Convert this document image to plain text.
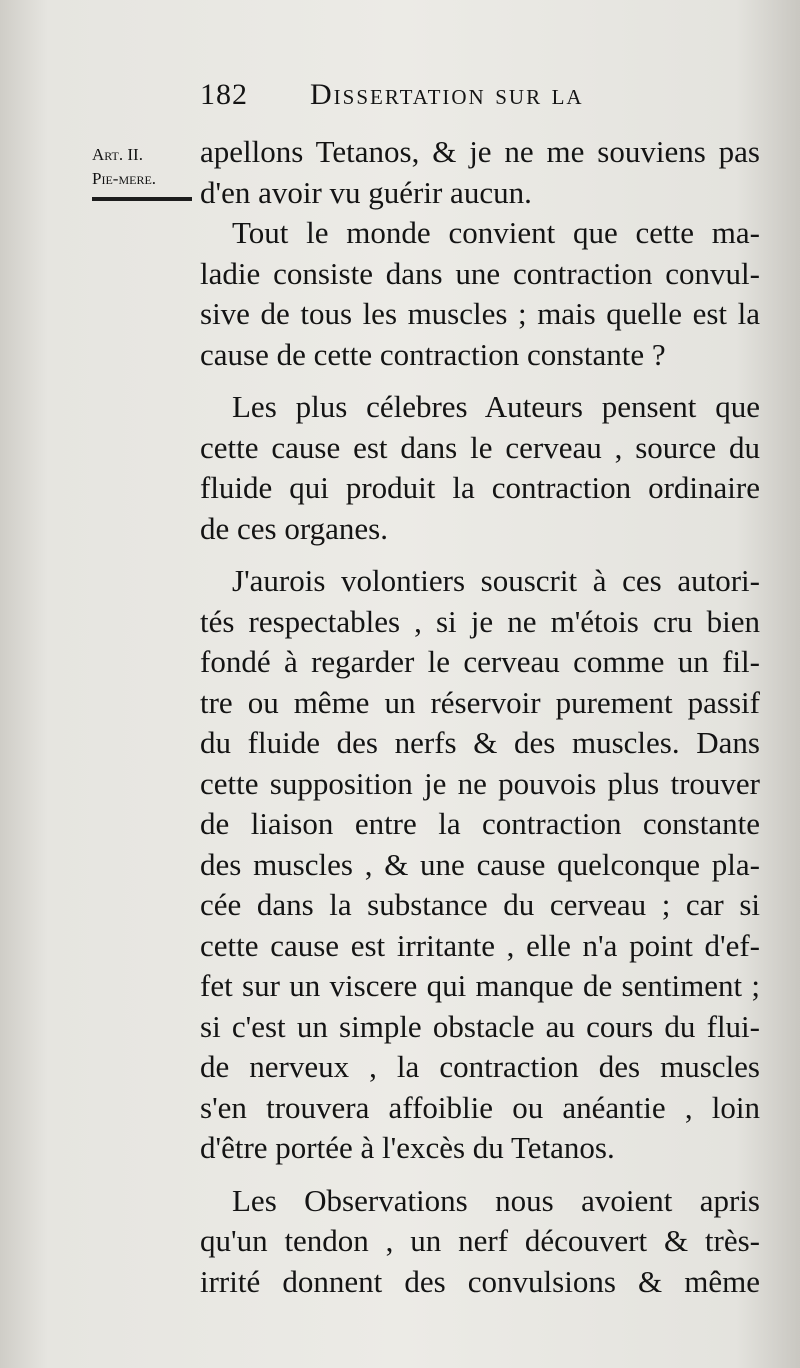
182 Dissertation sur la
Art. II.
Pie-mere.
apellons Tetanos, & je ne me souviens pas
d'en avoir vu guérir aucun.
Tout le monde convient que cette ma-
ladie consiste dans une contraction convul-
sive de tous les muscles ; mais quelle est la
cause de cette contraction constante ?
Les plus célebres Auteurs pensent que
cette cause est dans le cerveau , source du
fluide qui produit la contraction ordinaire
de ces organes.
J'aurois volontiers souscrit à ces autori-
tés respectables , si je ne m'étois cru bien
fondé à regarder le cerveau comme un fil-
tre ou même un réservoir purement passif
du fluide des nerfs & des muscles. Dans
cette supposition je ne pouvois plus trouver
de liaison entre la contraction constante
des muscles , & une cause quelconque pla-
cée dans la substance du cerveau ; car si
cette cause est irritante , elle n'a point d'ef-
fet sur un viscere qui manque de sentiment ;
si c'est un simple obstacle au cours du flui-
de nerveux , la contraction des muscles
s'en trouvera affoiblie ou anéantie , loin
d'être portée à l'excès du Tetanos.
Les Observations nous avoient apris
qu'un tendon , un nerf découvert & très-
irrité donnent des convulsions & même
